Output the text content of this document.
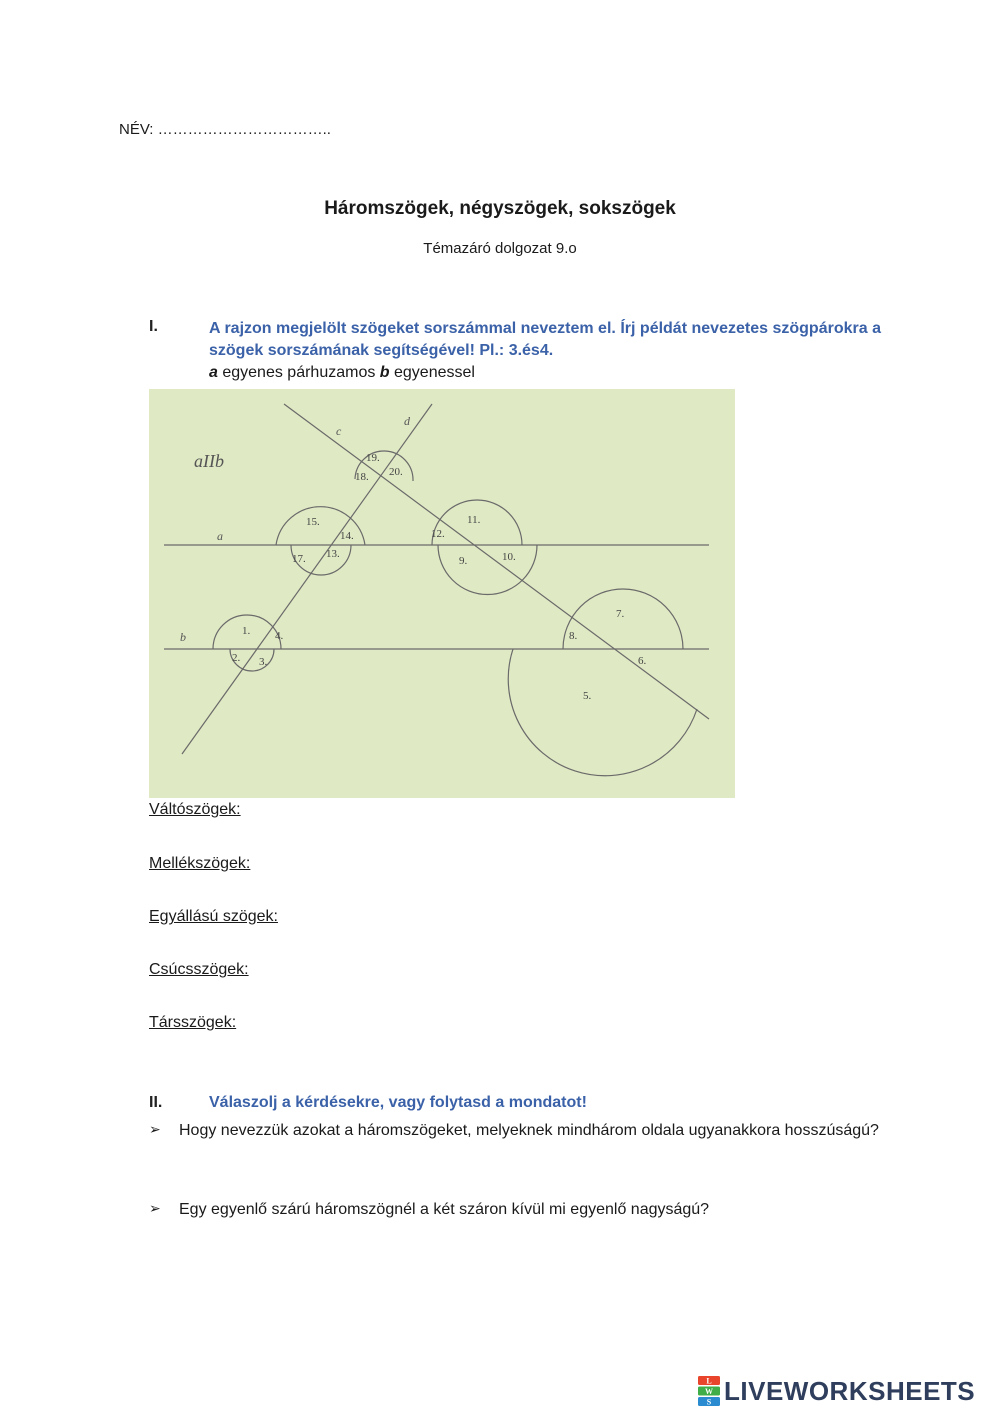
NÉV: ……………………………..
Háromszögek, négyszögek, sokszögek
Témazáró dolgozat 9.o
I.	A rajzon megjelölt szögeket sorszámmal neveztem el. Írj példát nevezetes szögpárokra a szögek sorszámának segítségével! Pl.: 3.és4.
a egyenes párhuzamos b egyenessel
aIIb
a
b
c
d
1.
2. 3.
4.
5.
6.
7.
8.
9.	10.
11.
12.
13.
14.
15.
17.
18.
19.
20.
Váltószögek:
Mellékszögek:
Egyállású szögek:
Csúcsszögek:
Társszögek:
II.	Válaszolj a kérdésekre, vagy folytasd a mondatot!
➢ Hogy nevezzük azokat a háromszögeket, melyeknek mindhárom oldala ugyanakkora hosszúságú?
➢ Egy egyenlő szárú háromszögnél a két száron kívül mi egyenlő nagyságú?
L
W
S LIVEWORKSHEETS
